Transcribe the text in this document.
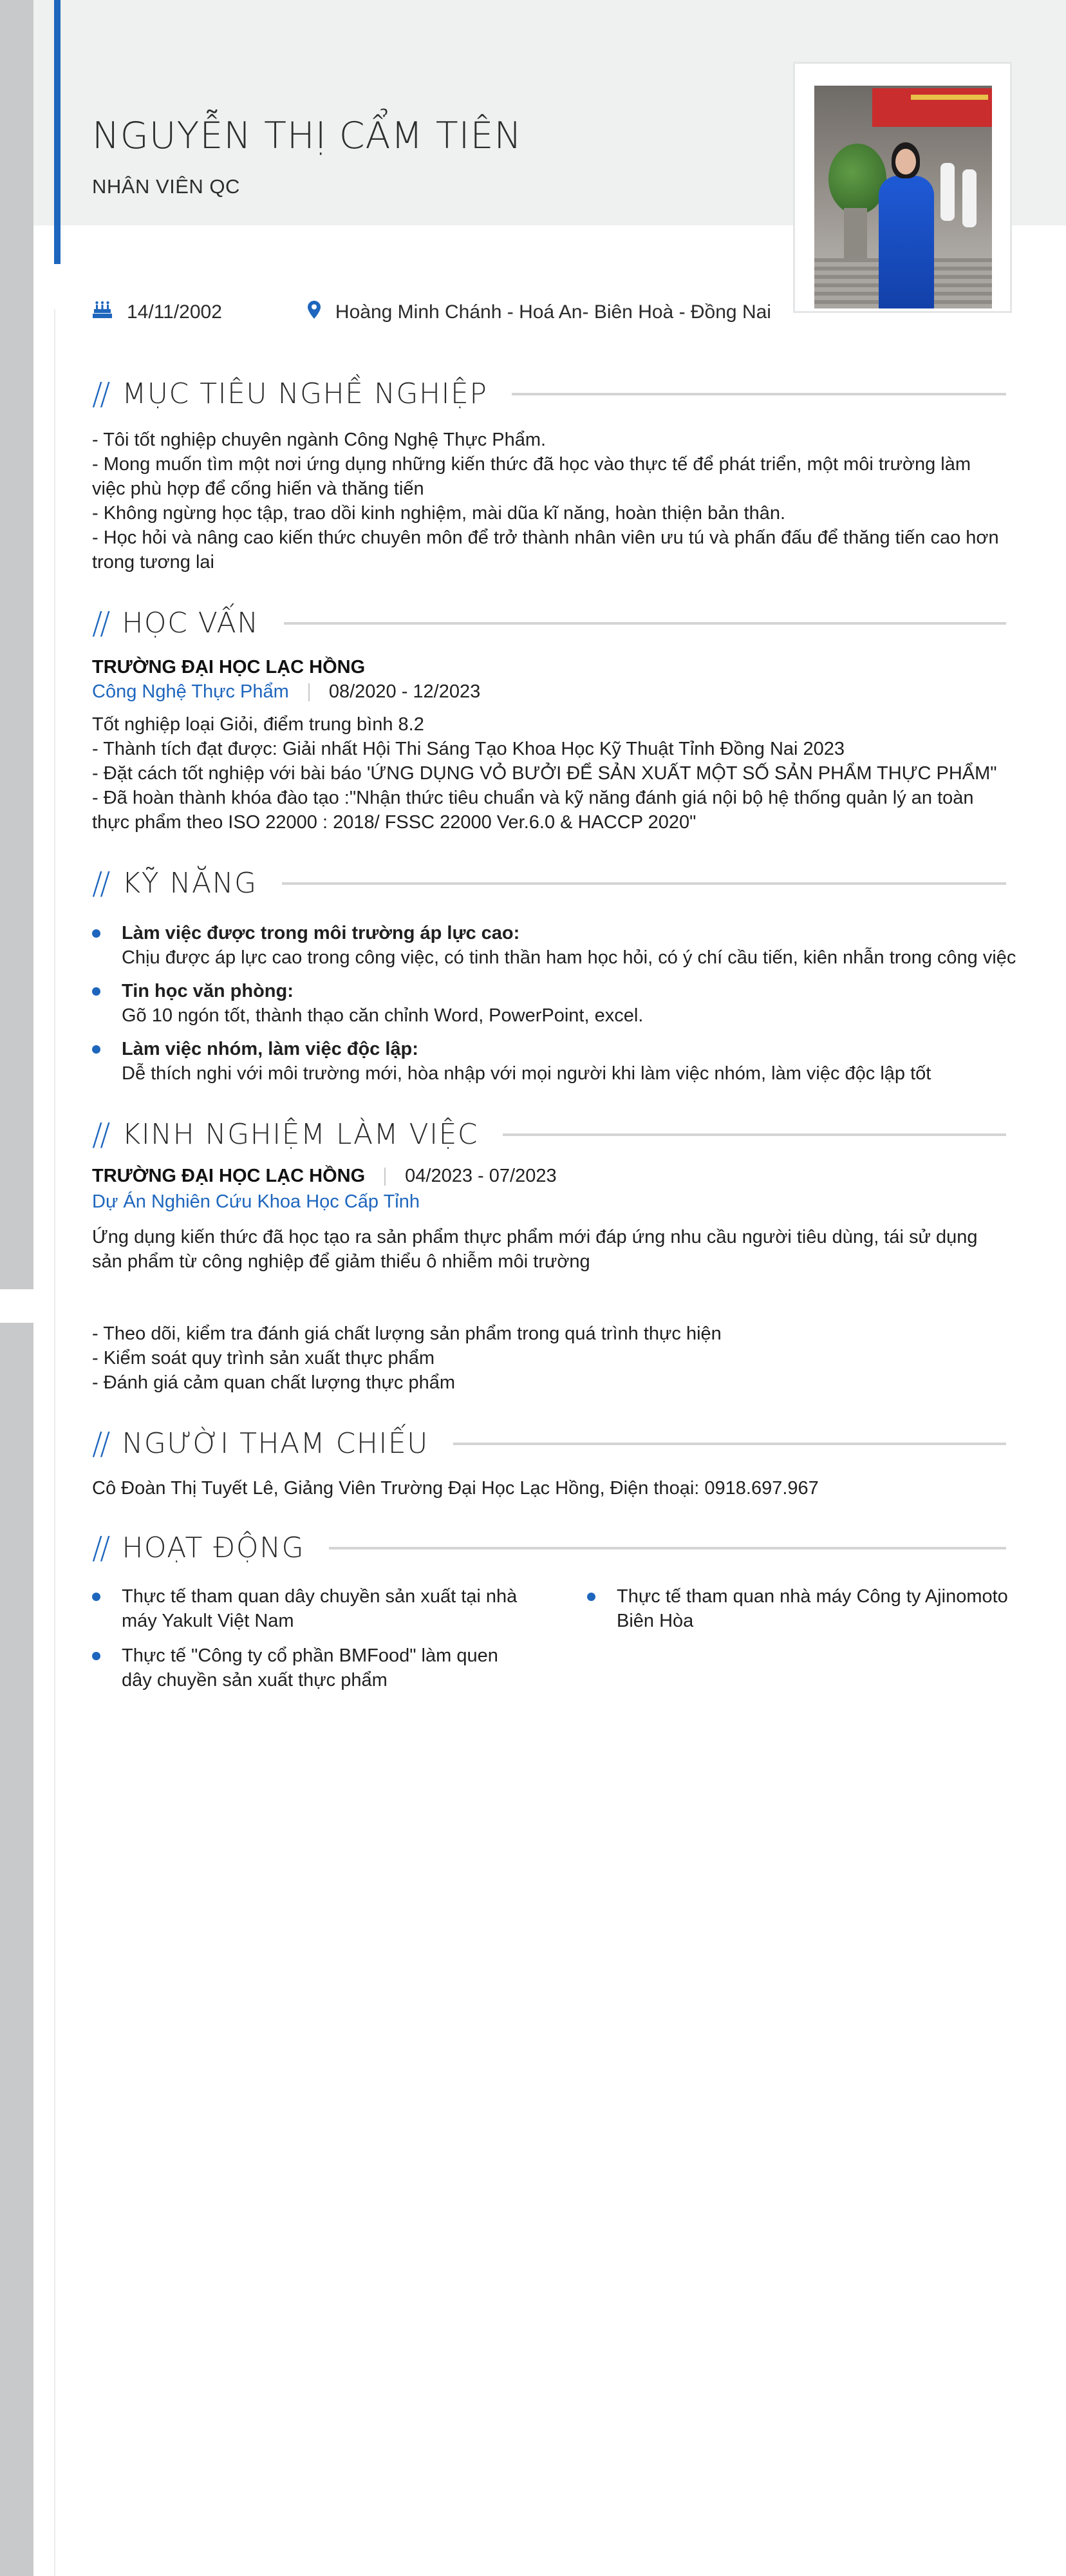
NGUYỄN THỊ CẨM TIÊN
NHÂN VIÊN QC
14/11/2002	Hoàng Minh Chánh - Hoá An- Biên Hoà - Đồng Nai
// MỤC TIÊU NGHỀ NGHIỆP
- Tôi tốt nghiệp chuyên ngành Công Nghệ Thực Phẩm.
- Mong muốn tìm một nơi ứng dụng những kiến thức đã học vào thực tế để phát triển, một môi trường làm việc phù hợp để cống hiến và thăng tiến
- Không ngừng học tập, trao dồi kinh nghiệm, mài dũa kĩ năng, hoàn thiện bản thân.
- Học hỏi và nâng cao kiến thức chuyên môn để trở thành nhân viên ưu tú và phấn đấu để thăng tiến cao hơn trong tương lai
// HỌC VẤN
TRƯỜNG ĐẠI HỌC LẠC HỒNG
Công Nghệ Thực Phẩm 08/2020 - 12/2023
Tốt nghiệp loại Giỏi, điểm trung bình 8.2
- Thành tích đạt được: Giải nhất Hội Thi Sáng Tạo Khoa Học Kỹ Thuật Tỉnh Đồng Nai 2023
- Đặt cách tốt nghiệp với bài báo 'ỨNG DỤNG VỎ BƯỞI ĐỂ SẢN XUẤT MỘT SỐ SẢN PHẨM THỰC PHẨM"
- Đã hoàn thành khóa đào tạo :"Nhận thức tiêu chuẩn và kỹ năng đánh giá nội bộ hệ thống quản lý an toàn thực phẩm theo ISO 22000 : 2018/ FSSC 22000 Ver.6.0 & HACCP 2020"
// KỸ NĂNG
Làm việc được trong môi trường áp lực cao:
Chịu được áp lực cao trong công việc, có tinh thần ham học hỏi, có ý chí cầu tiến, kiên nhẫn trong công việc
Tin học văn phòng:
Gõ 10 ngón tốt, thành thạo căn chỉnh Word, PowerPoint, excel.
Làm việc nhóm, làm việc độc lập:
Dễ thích nghi với môi trường mới, hòa nhập với mọi người khi làm việc nhóm, làm việc độc lập tốt
// KINH NGHIỆM LÀM VIỆC
TRƯỜNG ĐẠI HỌC LẠC HỒNG 04/2023 - 07/2023
Dự Án Nghiên Cứu Khoa Học Cấp Tỉnh
Ứng dụng kiến thức đã học tạo ra sản phẩm thực phẩm mới đáp ứng nhu cầu người tiêu dùng, tái sử dụng sản phẩm từ công nghiệp để giảm thiểu ô nhiễm môi trường
- Theo dõi, kiểm tra đánh giá chất lượng sản phẩm trong quá trình thực hiện
- Kiểm soát quy trình sản xuất thực phẩm
- Đánh giá cảm quan chất lượng thực phẩm
// NGƯỜI THAM CHIẾU
Cô Đoàn Thị Tuyết Lê, Giảng Viên Trường Đại Học Lạc Hồng, Điện thoại: 0918.697.967
// HOẠT ĐỘNG
Thực tế tham quan dây chuyền sản xuất tại nhà máy Yakult Việt Nam
Thực tế "Công ty cổ phần BMFood" làm quen dây chuyền sản xuất thực phẩm
Thực tế tham quan nhà máy Công ty Ajinomoto Biên Hòa
